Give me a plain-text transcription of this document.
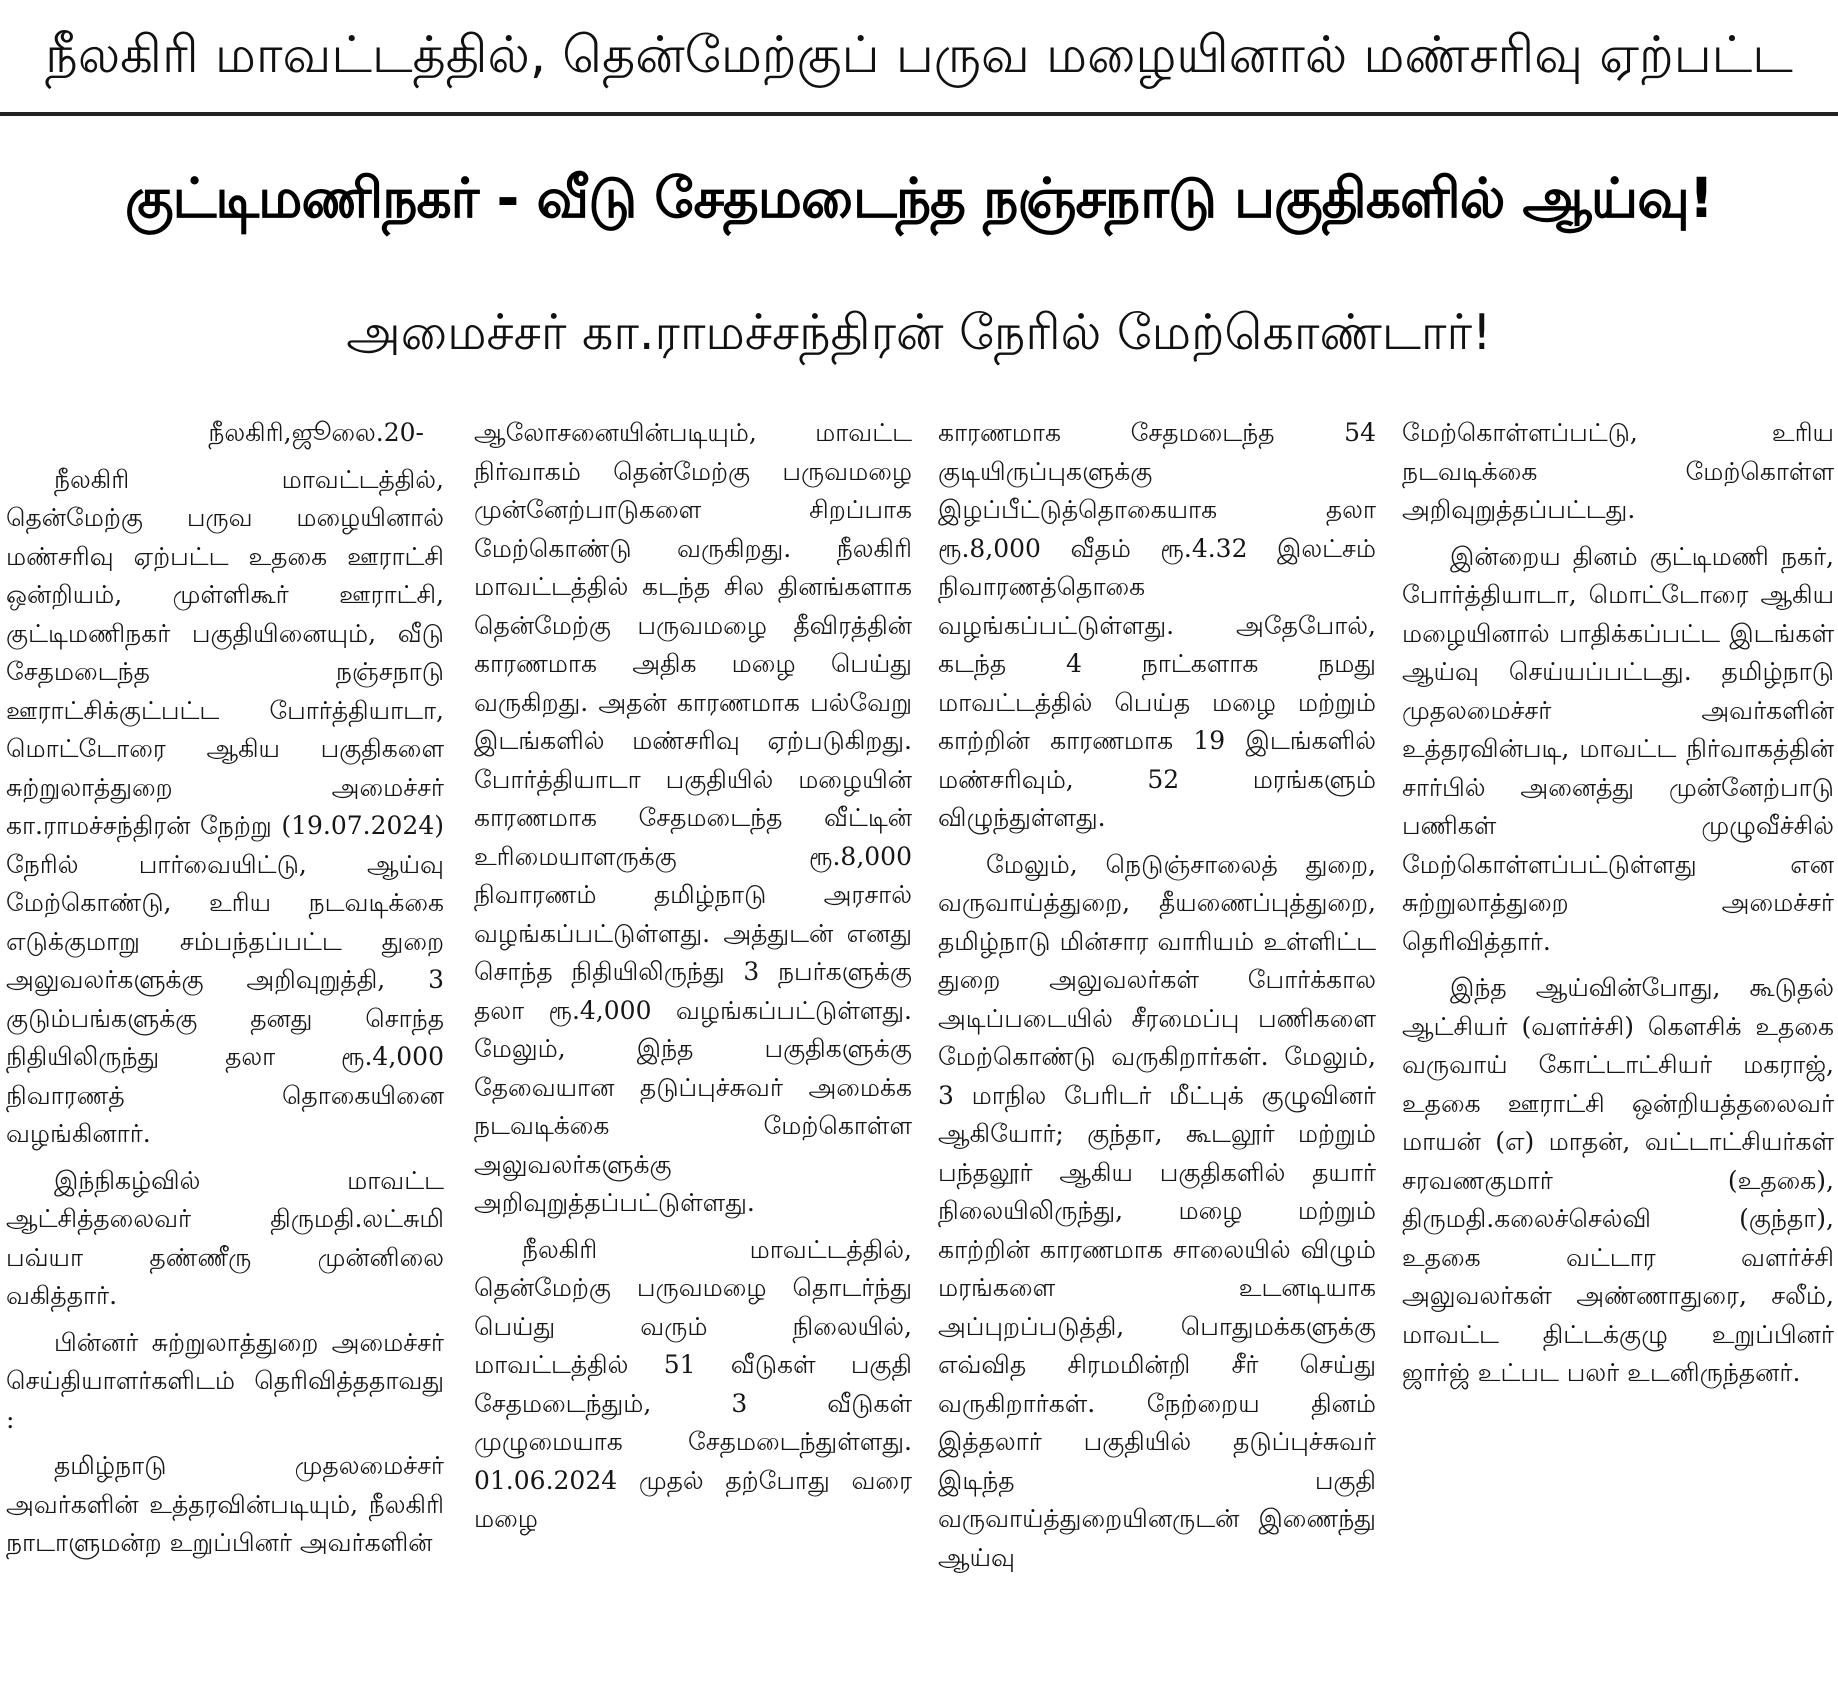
நீலகிரி மாவட்டத்தில், தென்மேற்குப் பருவ மழையினால் மண்சரிவு ஏற்பட்ட
குட்டிமணிநகர் - வீடு சேதமடைந்த நஞ்சநாடு பகுதிகளில் ஆய்வு!
அமைச்சர் கா.ராமச்சந்திரன் நேரில் மேற்கொண்டார்!

நீலகிரி,ஜூலை.20-

நீலகிரி மாவட்டத்தில், தென்மேற்கு பருவ மழையினால் மண்சரிவு ஏற்பட்ட உதகை ஊராட்சி ஒன்றியம், முள்ளிகூர் ஊராட்சி, குட்டிமணிநகர் பகுதியினையும், வீடு சேதமடைந்த நஞ்சநாடு ஊராட்சிக்குட்பட்ட போர்த்தியாடா, மொட்டோரை ஆகிய பகுதிகளை சுற்றுலாத்துறை அமைச்சர் கா.ராமச்சந்திரன் நேற்று (19.07.2024) நேரில் பார்வையிட்டு, ஆய்வு மேற்கொண்டு, உரிய நடவடிக்கை எடுக்குமாறு சம்பந்தப்பட்ட துறை அலுவலர்களுக்கு அறிவுறுத்தி, 3 குடும்பங்களுக்கு தனது சொந்த நிதியிலிருந்து தலா ரூ.4,000 நிவாரணத் தொகையினை வழங்கினார்.

இந்நிகழ்வில் மாவட்ட ஆட்சித்தலைவர் திருமதி.லட்சுமி பவ்யா தண்ணீரு முன்னிலை வகித்தார்.

பின்னர் சுற்றுலாத்துறை அமைச்சர் செய்தியாளர்களிடம் தெரிவித்ததாவது :

தமிழ்நாடு முதலமைச்சர் அவர்களின் உத்தரவின்படியும், நீலகிரி நாடாளுமன்ற உறுப்பினர் அவர்களின்

ஆலோசனையின்படியும், மாவட்ட நிர்வாகம் தென்மேற்கு பருவமழை முன்னேற்பாடுகளை சிறப்பாக மேற்கொண்டு வருகிறது. நீலகிரி மாவட்டத்தில் கடந்த சில தினங்களாக தென்மேற்கு பருவமழை தீவிரத்தின் காரணமாக அதிக மழை பெய்து வருகிறது. அதன் காரணமாக பல்வேறு இடங்களில் மண்சரிவு ஏற்படுகிறது. போர்த்தியாடா பகுதியில் மழையின் காரணமாக சேதமடைந்த வீட்டின் உரிமையாளருக்கு ரூ.8,000 நிவாரணம் தமிழ்நாடு அரசால் வழங்கப்பட்டுள்ளது. அத்துடன் எனது சொந்த நிதியிலிருந்து 3 நபர்களுக்கு தலா ரூ.4,000 வழங்கப்பட்டுள்ளது. மேலும், இந்த பகுதிகளுக்கு தேவையான தடுப்புச்சுவர் அமைக்க நடவடிக்கை மேற்கொள்ள அலுவலர்களுக்கு அறிவுறுத்தப்பட்டுள்ளது.

நீலகிரி மாவட்டத்தில், தென்மேற்கு பருவமழை தொடர்ந்து பெய்து வரும் நிலையில், மாவட்டத்தில் 51 வீடுகள் பகுதி சேதமடைந்தும், 3 வீடுகள் முழுமையாக சேதமடைந்துள்ளது. 01.06.2024 முதல் தற்போது வரை மழை

காரணமாக சேதமடைந்த 54 குடியிருப்புகளுக்கு இழப்பீட்டுத்தொகையாக தலா ரூ.8,000 வீதம் ரூ.4.32 இலட்சம் நிவாரணத்தொகை வழங்கப்பட்டுள்ளது. அதேபோல், கடந்த 4 நாட்களாக நமது மாவட்டத்தில் பெய்த மழை மற்றும் காற்றின் காரணமாக 19 இடங்களில் மண்சரிவும், 52 மரங்களும் விழுந்துள்ளது.

மேலும், நெடுஞ்சாலைத் துறை, வருவாய்த்துறை, தீயணைப்புத்துறை, தமிழ்நாடு மின்சார வாரியம் உள்ளிட்ட துறை அலுவலர்கள் போர்க்கால அடிப்படையில் சீரமைப்பு பணிகளை மேற்கொண்டு வருகிறார்கள். மேலும், 3 மாநில பேரிடர் மீட்புக் குழுவினர் ஆகியோர்; குந்தா, கூடலூர் மற்றும் பந்தலூர் ஆகிய பகுதிகளில் தயார் நிலையிலிருந்து, மழை மற்றும் காற்றின் காரணமாக சாலையில் விழும் மரங்களை உடனடியாக அப்புறப்படுத்தி, பொதுமக்களுக்கு எவ்வித சிரமமின்றி சீர் செய்து வருகிறார்கள். நேற்றைய தினம் இத்தலார் பகுதியில் தடுப்புச்சுவர் இடிந்த பகுதி வருவாய்த்துறையினருடன் இணைந்து ஆய்வு

மேற்கொள்ளப்பட்டு, உரிய நடவடிக்கை மேற்கொள்ள அறிவுறுத்தப்பட்டது.

இன்றைய தினம் குட்டிமணி நகர், போர்த்தியாடா, மொட்டோரை ஆகிய மழையினால் பாதிக்கப்பட்ட இடங்கள் ஆய்வு செய்யப்பட்டது. தமிழ்நாடு முதலமைச்சர் அவர்களின் உத்தரவின்படி, மாவட்ட நிர்வாகத்தின் சார்பில் அனைத்து முன்னேற்பாடு பணிகள் முழுவீச்சில் மேற்கொள்ளப்பட்டுள்ளது என சுற்றுலாத்துறை அமைச்சர் தெரிவித்தார்.

இந்த ஆய்வின்போது, கூடுதல் ஆட்சியர் (வளர்ச்சி) கௌசிக் உதகை வருவாய் கோட்டாட்சியர் மகராஜ், உதகை ஊராட்சி ஒன்றியத்தலைவர் மாயன் (எ) மாதன், வட்டாட்சியர்கள் சரவணகுமார் (உதகை), திருமதி.கலைச்செல்வி (குந்தா), உதகை வட்டார வளர்ச்சி அலுவலர்கள் அண்ணாதுரை, சலீம், மாவட்ட திட்டக்குழு உறுப்பினர் ஜார்ஜ் உட்பட பலர் உடனிருந்தனர்.
